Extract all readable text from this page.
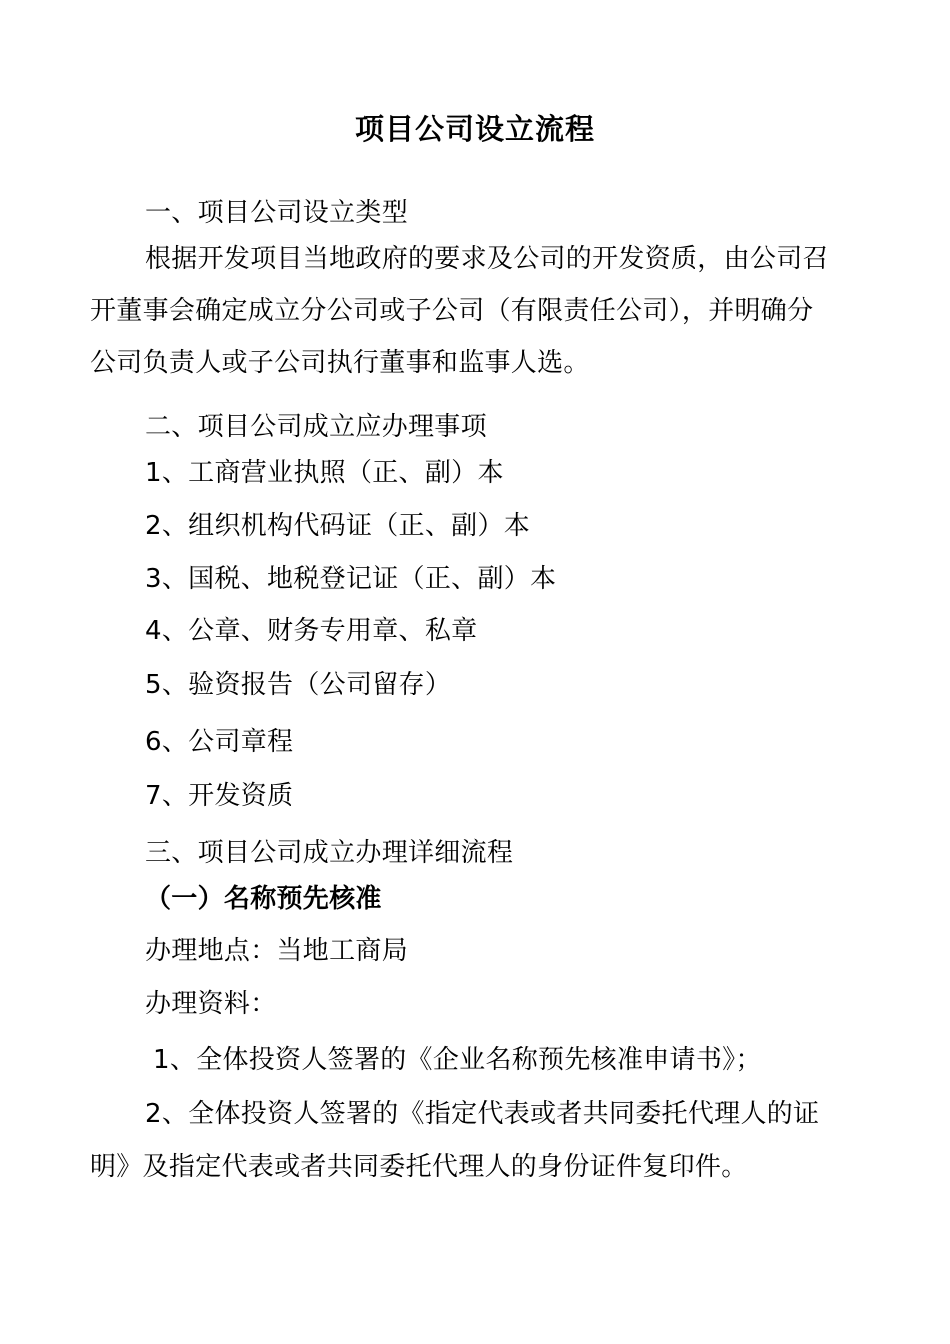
项目公司设立流程
一、项目公司设立类型
根据开发项目当地政府的要求及公司的开发资质，由公司召
开董事会确定成立分公司或子公司（有限责任公司），并明确分
公司负责人或子公司执行董事和监事人选。
二、项目公司成立应办理事项
1、工商营业执照（正、副）本
2、组织机构代码证（正、副）本
3、国税、地税登记证（正、副）本
4、公章、财务专用章、私章
5、验资报告（公司留存）
6、公司章程
7、开发资质
三、项目公司成立办理详细流程
（一）名称预先核准
办理地点：当地工商局
办理资料：
1、全体投资人签署的《企业名称预先核准申请书》；
2、全体投资人签署的《指定代表或者共同委托代理人的证
明》及指定代表或者共同委托代理人的身份证件复印件。
